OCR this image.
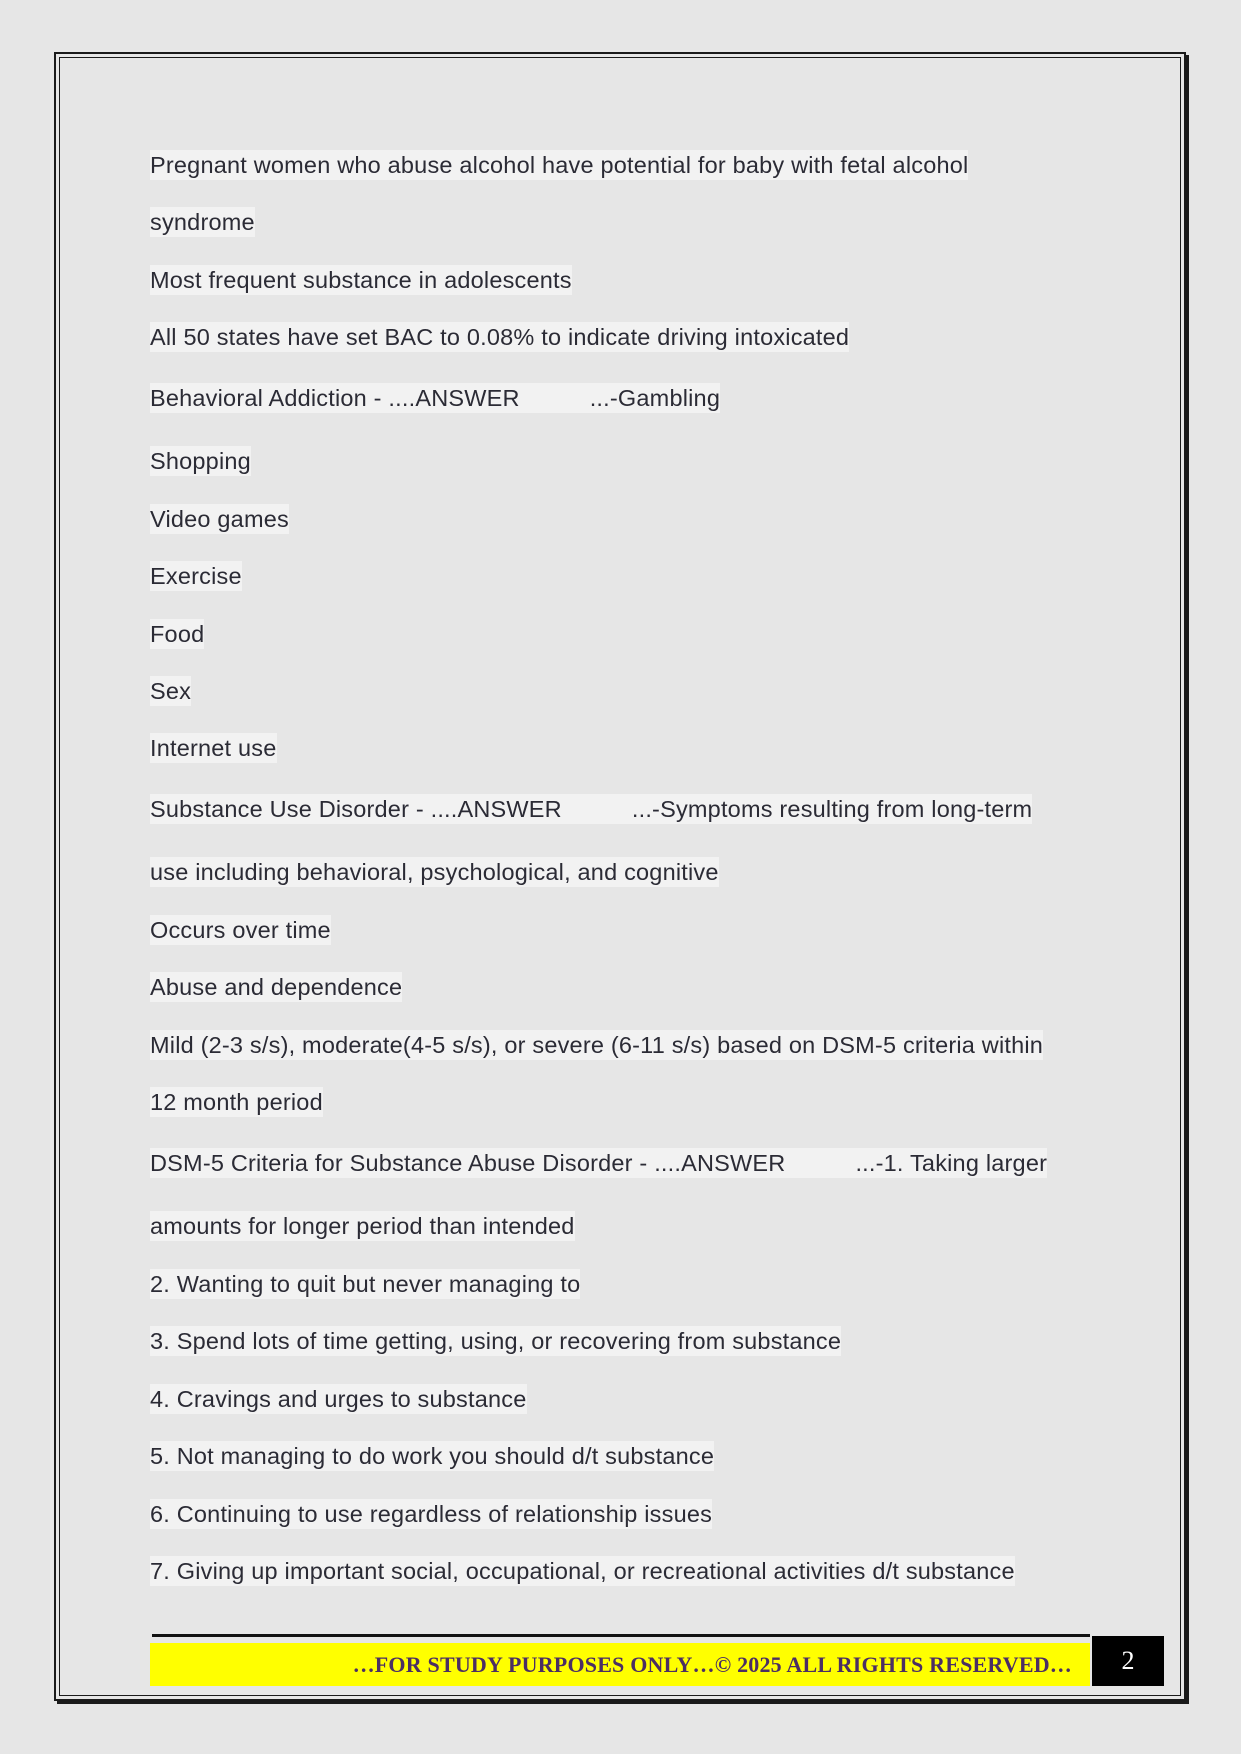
Pregnant women who abuse alcohol have potential for baby with fetal alcohol
syndrome
Most frequent substance in adolescents
All 50 states have set BAC to 0.08% to indicate driving intoxicated
Behavioral Addiction - ....ANSWER	...-Gambling
Shopping
Video games
Exercise
Food
Sex
Internet use
Substance Use Disorder - ....ANSWER	...-Symptoms resulting from long-term
use including behavioral, psychological, and cognitive
Occurs over time
Abuse and dependence
Mild (2-3 s/s), moderate(4-5 s/s), or severe (6-11 s/s) based on DSM-5 criteria within
12 month period
DSM-5 Criteria for Substance Abuse Disorder - ....ANSWER	...-1. Taking larger
amounts for longer period than intended
2. Wanting to quit but never managing to
3. Spend lots of time getting, using, or recovering from substance
4. Cravings and urges to substance
5. Not managing to do work you should d/t substance
6. Continuing to use regardless of relationship issues
7. Giving up important social, occupational, or recreational activities d/t substance
…FOR STUDY PURPOSES ONLY…© 2025 ALL RIGHTS RESERVED…	2
